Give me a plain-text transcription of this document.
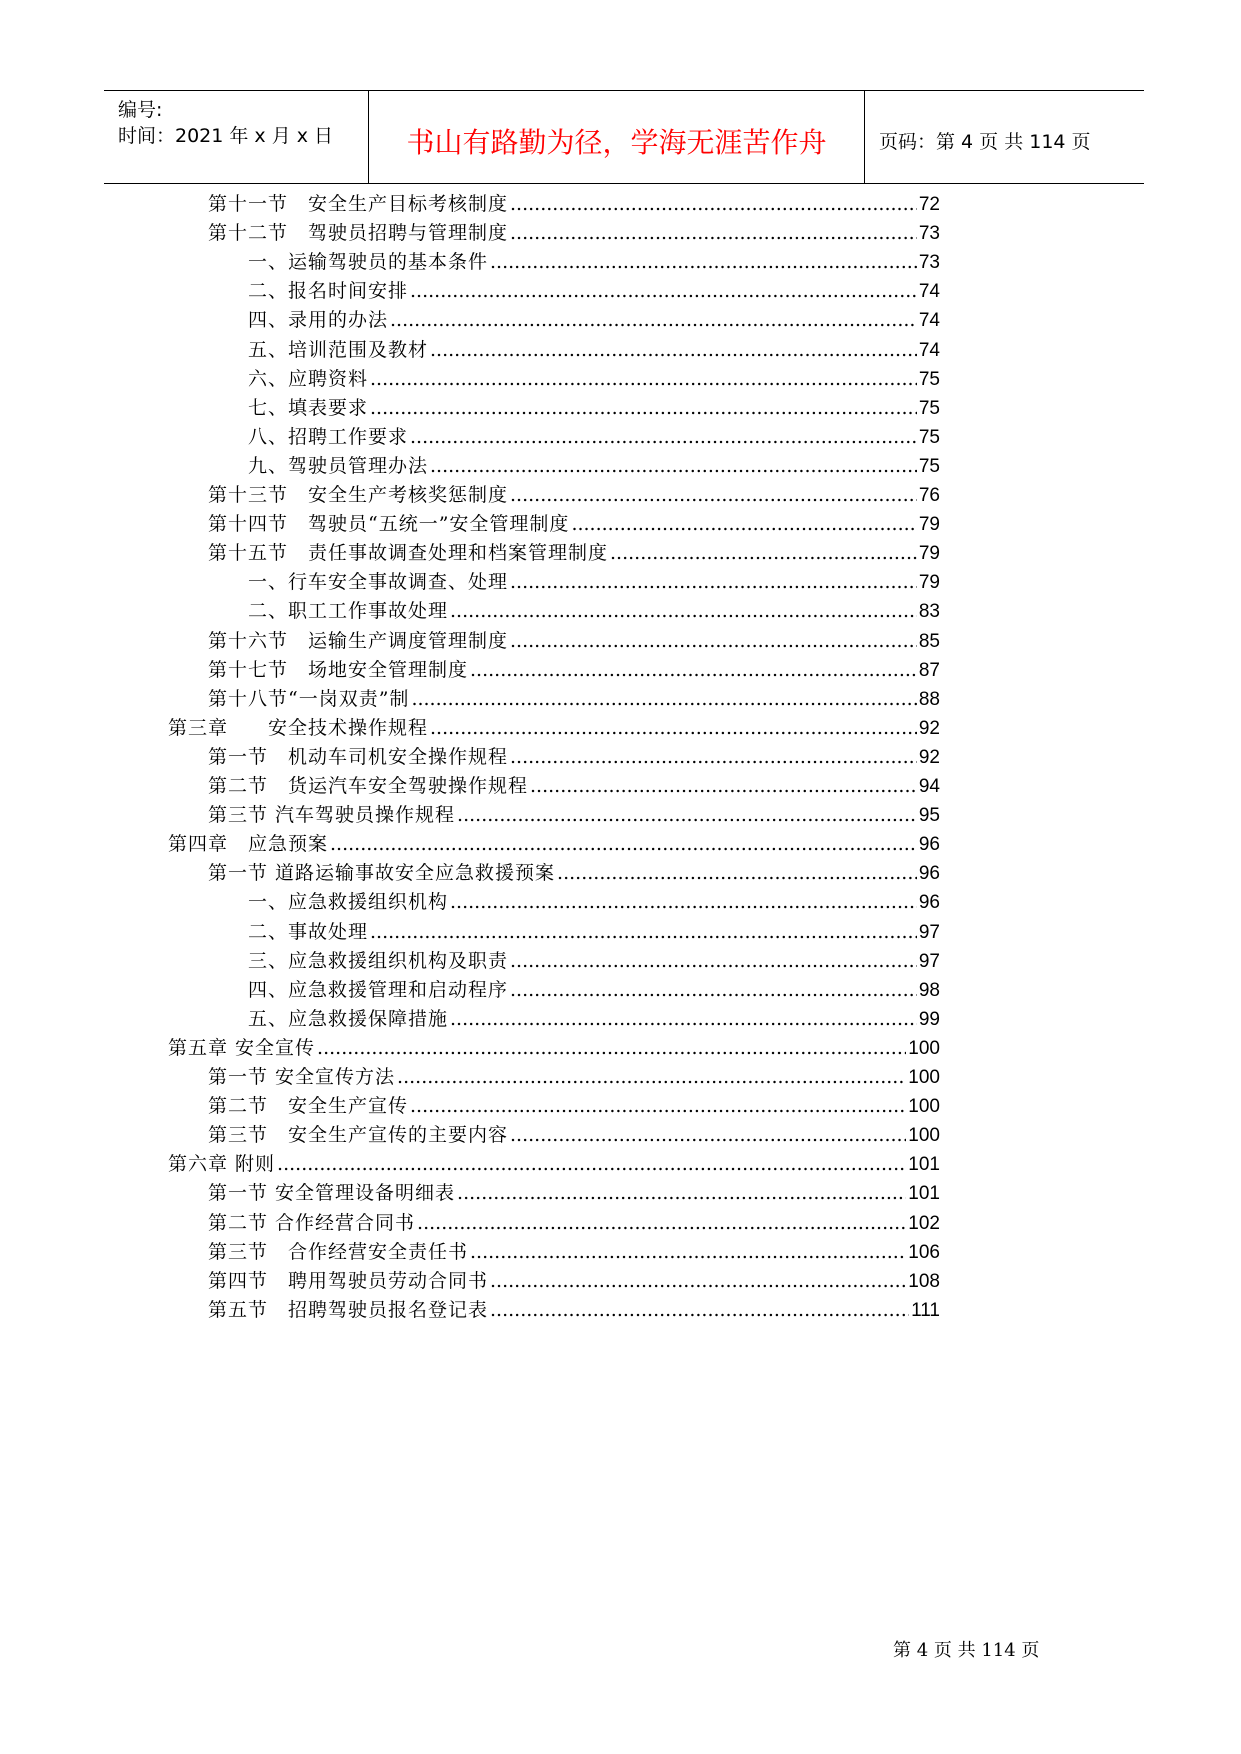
编号:
时间：2021 年 x 月 x 日	书山有路勤为径，学海无涯苦作舟	页码：第 4 页 共 114 页
第十一节　安全生产目标考核制度 .....	72
第十二节　驾驶员招聘与管理制度 .....	73
一、运输驾驶员的基本条件 .....	73
二、报名时间安排 .....	74
四、录用的办法 .....	74
五、培训范围及教材 .....	74
六、应聘资料 .....	75
七、填表要求 .....	75
八、招聘工作要求 .....	75
九、驾驶员管理办法 .....	75
第十三节　安全生产考核奖惩制度 .....	76
第十四节　驾驶员“五统一”安全管理制度 .....	79
第十五节　责任事故调查处理和档案管理制度 .....	79
一、行车安全事故调查、处理 .....	79
二、职工工作事故处理 .....	83
第十六节　运输生产调度管理制度 .....	85
第十七节　场地安全管理制度 .....	87
第十八节“一岗双责”制 .....	88
第三章　　安全技术操作规程 .....	92
第一节　机动车司机安全操作规程 .....	92
第二节　货运汽车安全驾驶操作规程 .....	94
第三节 汽车驾驶员操作规程 .....	95
第四章　应急预案 .....	96
第一节 道路运输事故安全应急救援预案 .....	96
一、应急救援组织机构 .....	96
二、事故处理 .....	97
三、应急救援组织机构及职责 .....	97
四、应急救援管理和启动程序 .....	98
五、应急救援保障措施 .....	99
第五章 安全宣传 .....	100
第一节 安全宣传方法 .....	100
第二节　安全生产宣传 .....	100
第三节　安全生产宣传的主要内容 .....	100
第六章 附则 .....	101
第一节 安全管理设备明细表 .....	101
第二节 合作经营合同书 .....	102
第三节　合作经营安全责任书 .....	106
第四节　聘用驾驶员劳动合同书 .....	108
第五节　招聘驾驶员报名登记表 .....	111
第 4 页 共 114 页
